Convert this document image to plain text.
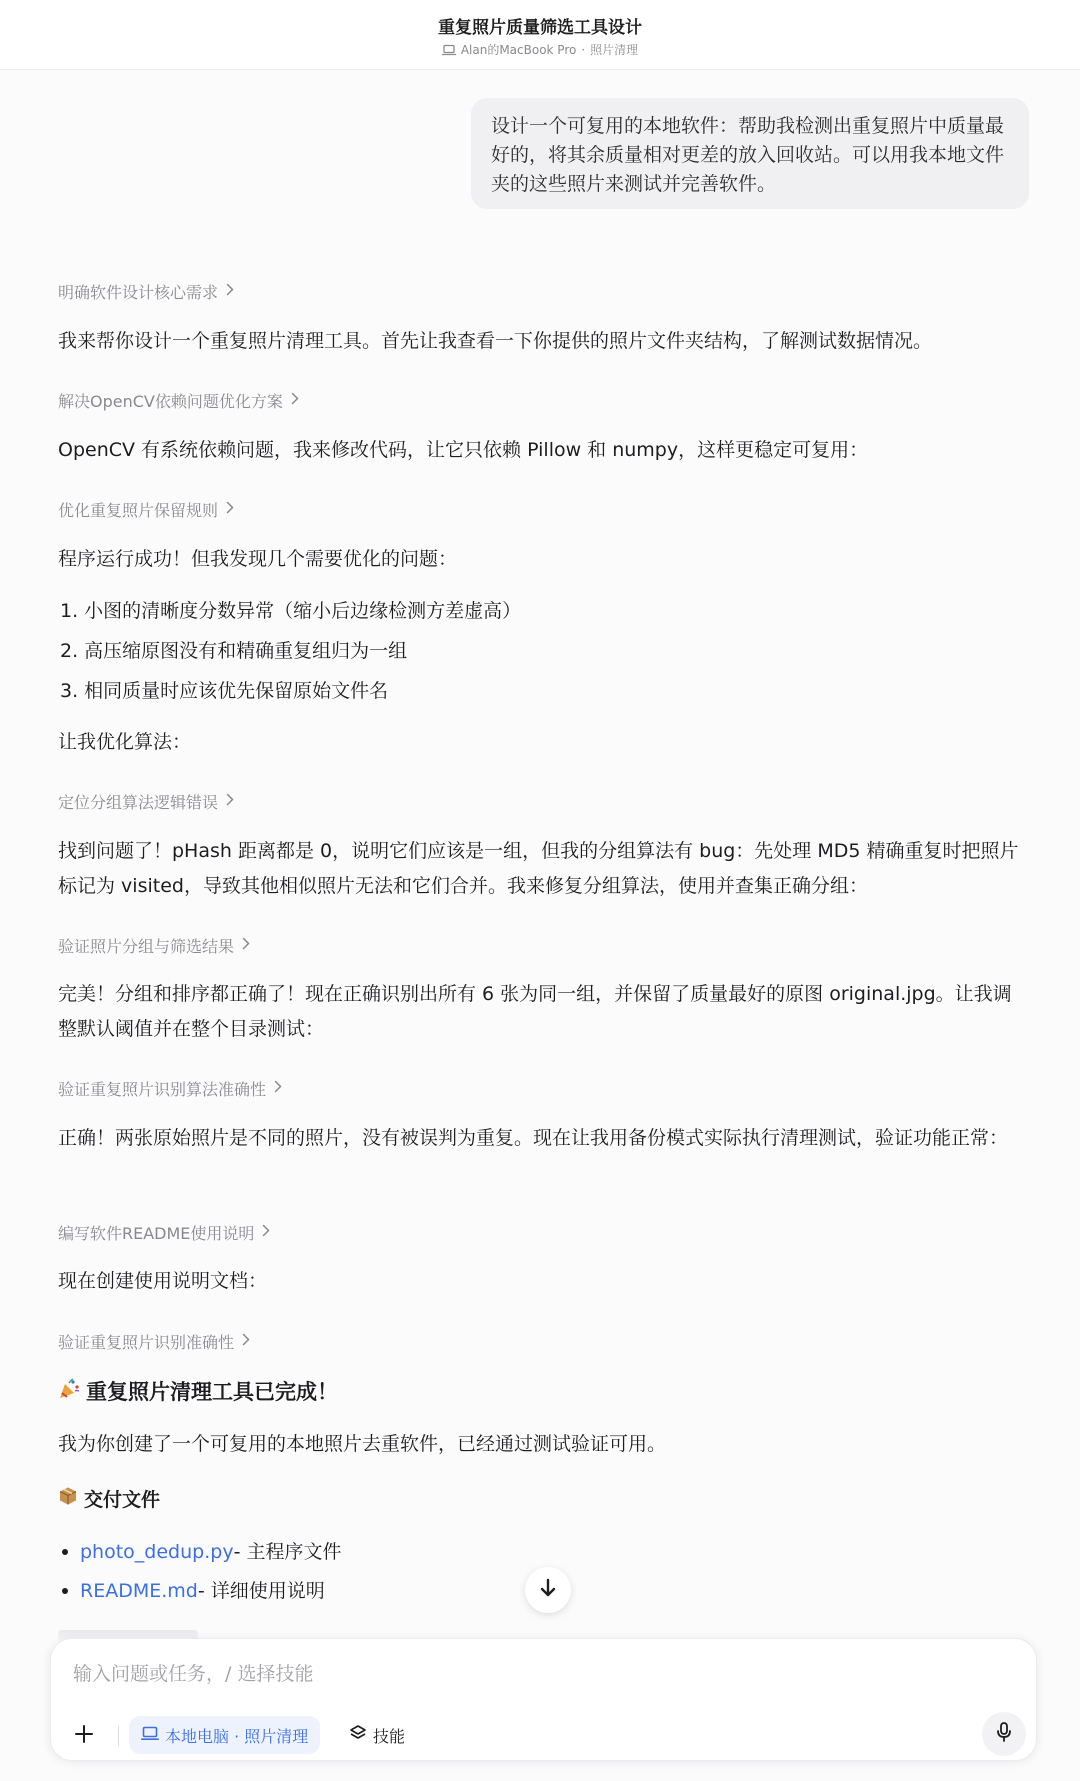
重复照片质量筛选工具设计
Alan的MacBook Pro · 照片清理
设计一个可复用的本地软件：帮助我检测出重复照片中质量最好的，将其余质量相对更差的放入回收站。可以用我本地文件夹的这些照片来测试并完善软件。
明确软件设计核心需求
我来帮你设计一个重复照片清理工具。首先让我查看一下你提供的照片文件夹结构，了解测试数据情况。
解决OpenCV依赖问题优化方案
OpenCV 有系统依赖问题，我来修改代码，让它只依赖 Pillow 和 numpy，这样更稳定可复用：
优化重复照片保留规则
程序运行成功！但我发现几个需要优化的问题：
1. 小图的清晰度分数异常（缩小后边缘检测方差虚高）
2. 高压缩原图没有和精确重复组归为一组
3. 相同质量时应该优先保留原始文件名
让我优化算法：
定位分组算法逻辑错误
找到问题了！pHash 距离都是 0，说明它们应该是一组，但我的分组算法有 bug：先处理 MD5 精确重复时把照片标记为 visited，导致其他相似照片无法和它们合并。我来修复分组算法，使用并查集正确分组：
验证照片分组与筛选结果
完美！分组和排序都正确了！现在正确识别出所有 6 张为同一组，并保留了质量最好的原图 original.jpg。让我调整默认阈值并在整个目录测试：
验证重复照片识别算法准确性
正确！两张原始照片是不同的照片，没有被误判为重复。现在让我用备份模式实际执行清理测试，验证功能正常：
编写软件README使用说明
现在创建使用说明文档：
验证重复照片识别准确性
重复照片清理工具已完成！
我为你创建了一个可复用的本地照片去重软件，已经通过测试验证可用。
交付文件
photo_dedup.py - 主程序文件
README.md - 详细使用说明
输入问题或任务，/ 选择技能
本地电脑 · 照片清理	技能
